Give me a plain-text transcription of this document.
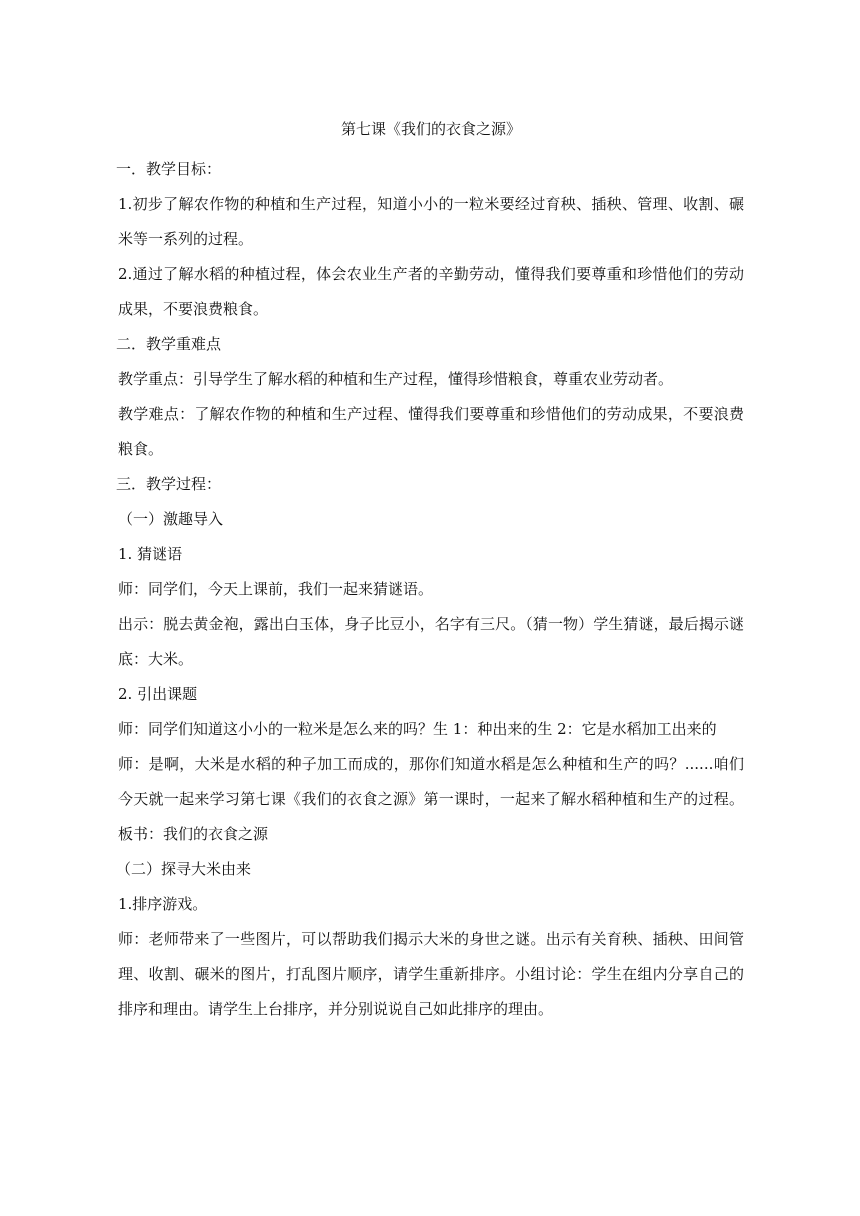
第七课《我们的衣食之源》

一．教学目标：

1.初步了解农作物的种植和生产过程，知道小小的一粒米要经过育秧、插秧、管理、收割、碾米等一系列的过程。

2.通过了解水稻的种植过程，体会农业生产者的辛勤劳动，懂得我们要尊重和珍惜他们的劳动成果，不要浪费粮食。

二．教学重难点

教学重点：引导学生了解水稻的种植和生产过程，懂得珍惜粮食，尊重农业劳动者。

教学难点：了解农作物的种植和生产过程、懂得我们要尊重和珍惜他们的劳动成果，不要浪费粮食。

三．教学过程：

（一）激趣导入

1. 猜谜语

师：同学们，今天上课前，我们一起来猜谜语。

出示：脱去黄金袍，露出白玉体，身子比豆小，名字有三尺。（猜一物）学生猜谜，最后揭示谜底：大米。

2. 引出课题

师：同学们知道这小小的一粒米是怎么来的吗？生 1：种出来的生 2：它是水稻加工出来的

师：是啊，大米是水稻的种子加工而成的，那你们知道水稻是怎么种植和生产的吗？......咱们今天就一起来学习第七课《我们的衣食之源》第一课时，一起来了解水稻种植和生产的过程。板书：我们的衣食之源

（二）探寻大米由来

1.排序游戏。

师：老师带来了一些图片，可以帮助我们揭示大米的身世之谜。出示有关育秧、插秧、田间管理、收割、碾米的图片，打乱图片顺序，请学生重新排序。小组讨论：学生在组内分享自己的排序和理由。请学生上台排序，并分别说说自己如此排序的理由。
